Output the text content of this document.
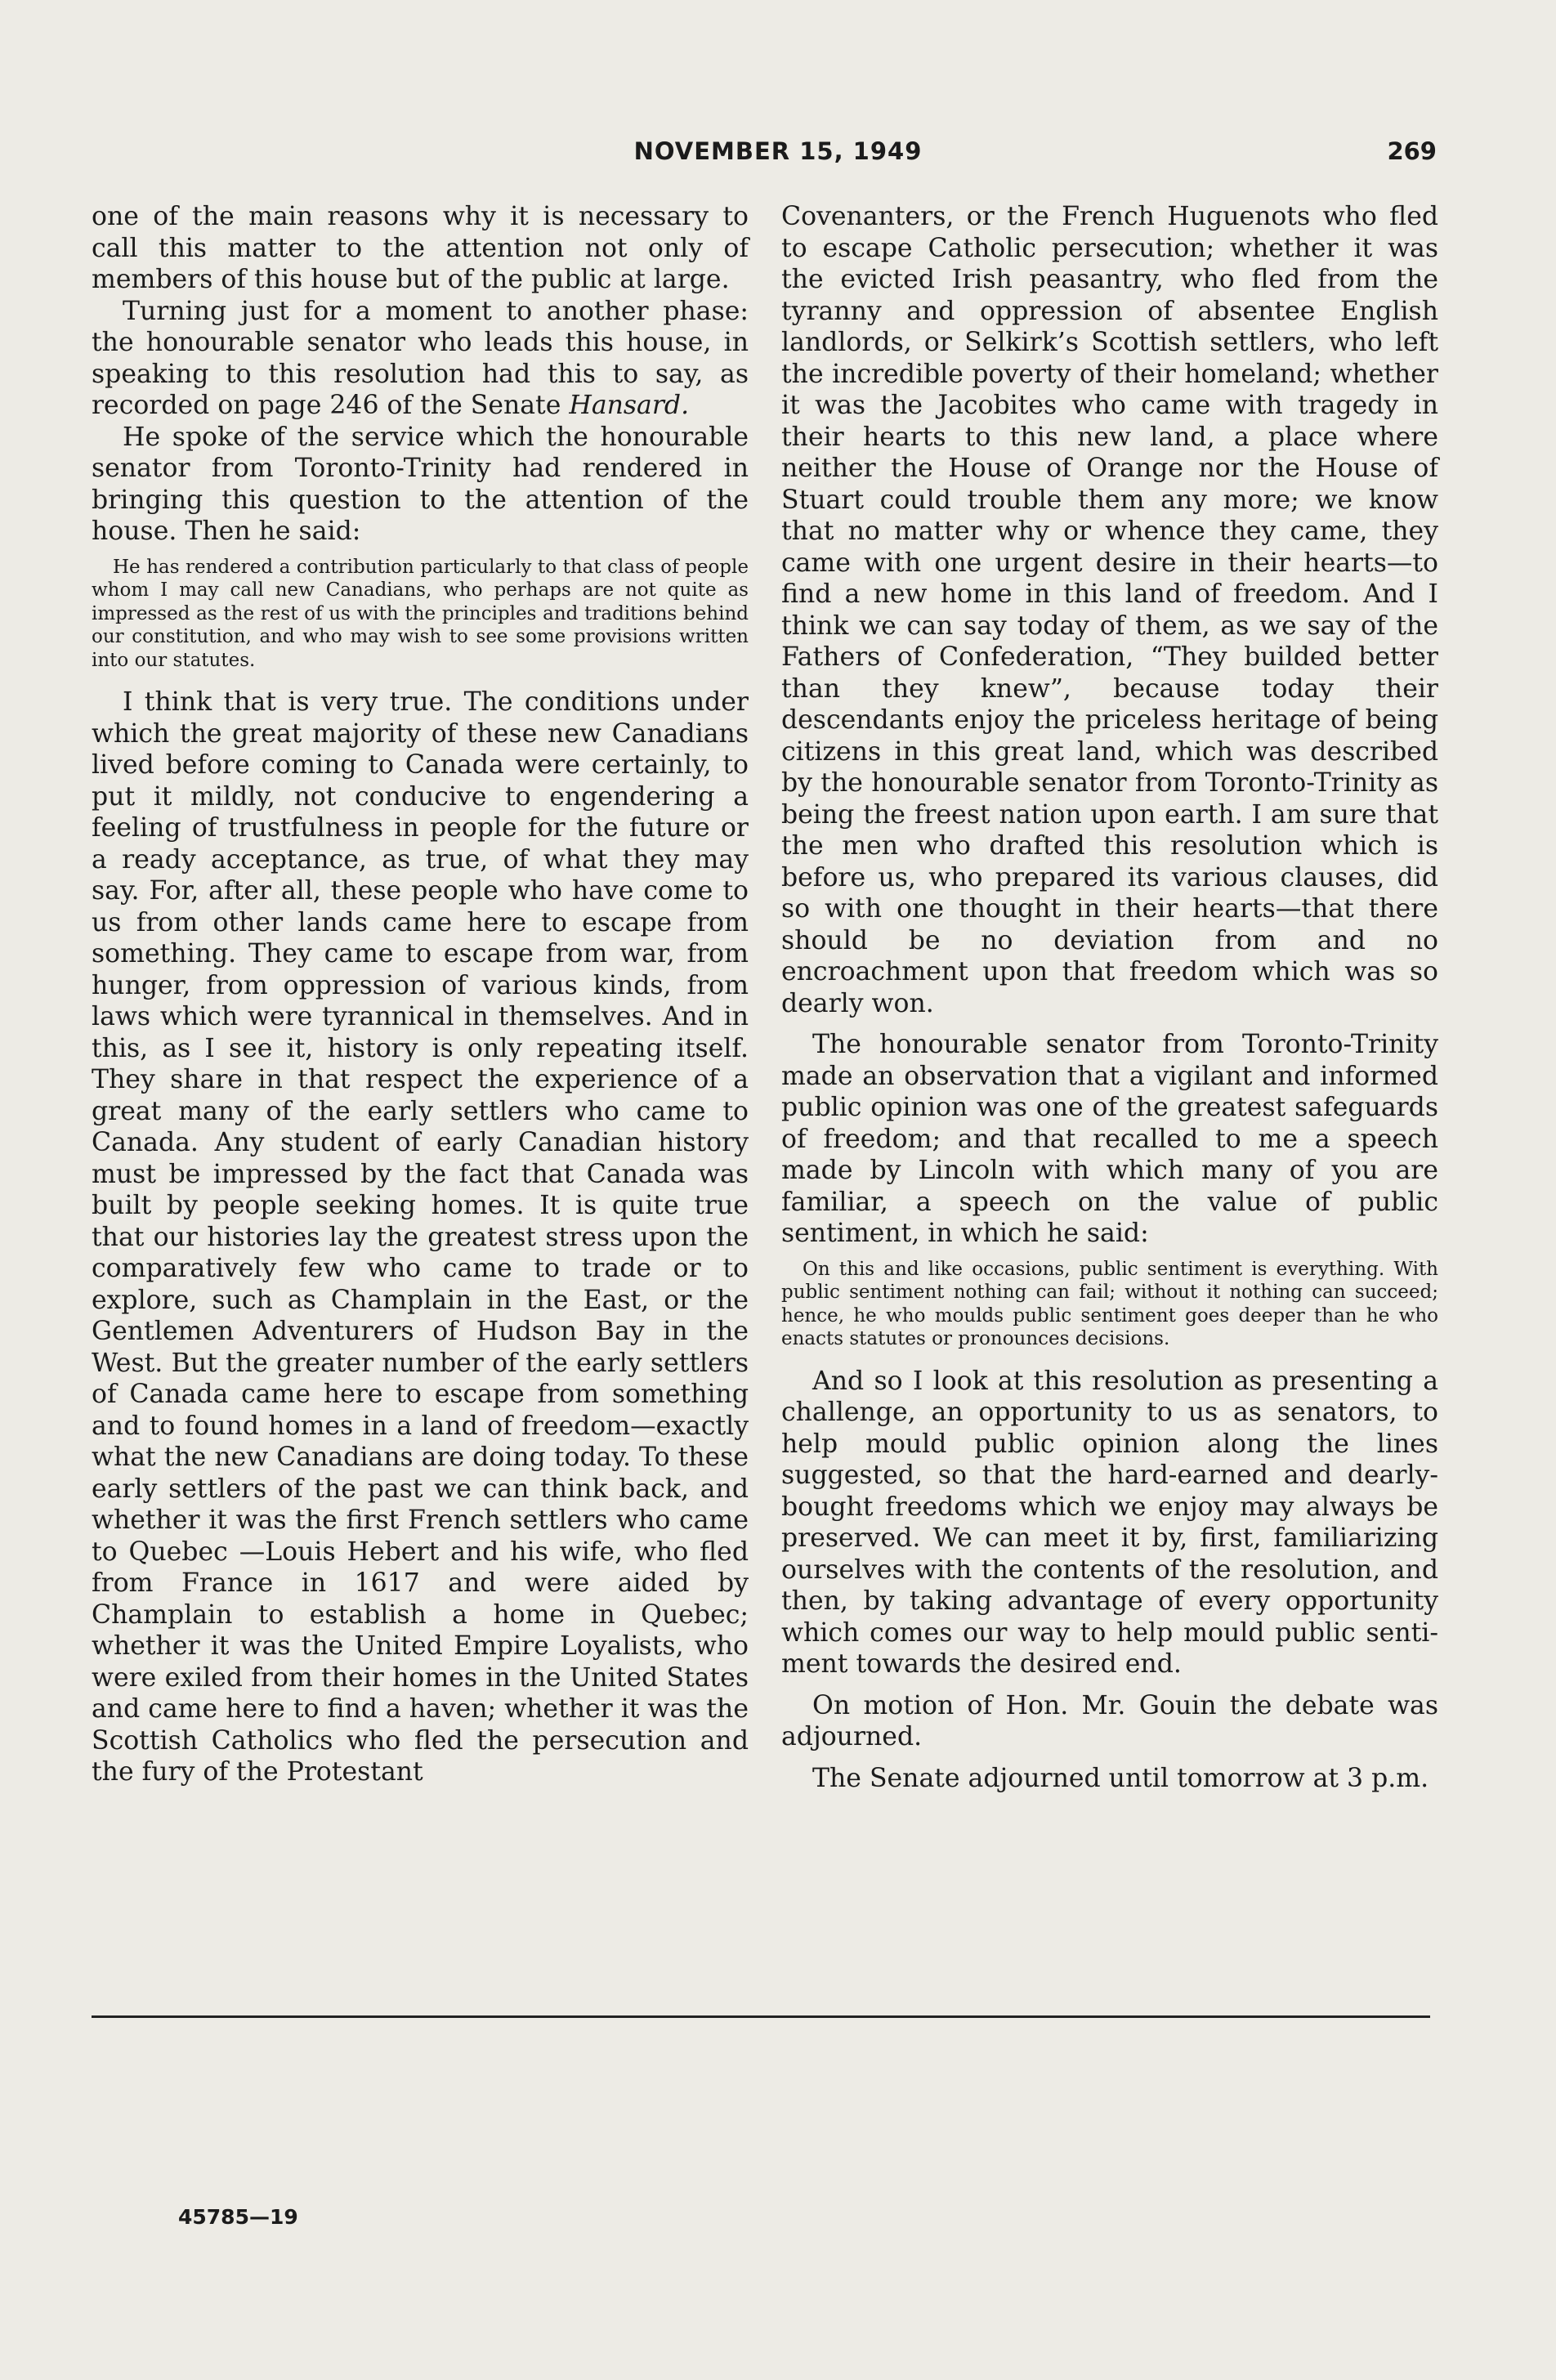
NOVEMBER 15, 1949	269

one of the main reasons why it is necessary to call this matter to the attention not only of members of this house but of the public at large.

Turning just for a moment to another phase: the honourable senator who leads this house, in speaking to this resolution had this to say, as recorded on page 246 of the Senate Hansard.

He spoke of the service which the honourable senator from Toronto-Trinity had rendered in bringing this question to the attention of the house. Then he said:

He has rendered a contribution particularly to that class of people whom I may call new Canadians, who perhaps are not quite as impressed as the rest of us with the principles and traditions behind our constitution, and who may wish to see some provisions written into our statutes.

I think that is very true. The conditions under which the great majority of these new Canadians lived before coming to Canada were certainly, to put it mildly, not conducive to engendering a feeling of trustfulness in people for the future or a ready acceptance, as true, of what they may say. For, after all, these people who have come to us from other lands came here to escape from something. They came to escape from war, from hunger, from oppression of various kinds, from laws which were tyrannical in themselves. And in this, as I see it, history is only repeating itself. They share in that respect the experience of a great many of the early settlers who came to Canada. Any student of early Canadian history must be impressed by the fact that Canada was built by people seeking homes. It is quite true that our histories lay the greatest stress upon the comparatively few who came to trade or to explore, such as Champlain in the East, or the Gentlemen Adventurers of Hudson Bay in the West. But the greater number of the early settlers of Canada came here to escape from something and to found homes in a land of freedom—exactly what the new Canadians are doing today. To these early settlers of the past we can think back, and whether it was the first French settlers who came to Quebec —Louis Hebert and his wife, who fled from France in 1617 and were aided by Champlain to establish a home in Quebec; whether it was the United Empire Loyalists, who were exiled from their homes in the United States and came here to find a haven; whether it was the Scottish Catholics who fled the persecution and the fury of the Protestant

Covenanters, or the French Huguenots who fled to escape Catholic persecution; whether it was the evicted Irish peasantry, who fled from the tyranny and oppression of absentee English landlords, or Selkirk’s Scottish settlers, who left the incredible poverty of their homeland; whether it was the Jacobites who came with tragedy in their hearts to this new land, a place where neither the House of Orange nor the House of Stuart could trouble them any more; we know that no matter why or whence they came, they came with one urgent desire in their hearts—to find a new home in this land of freedom. And I think we can say today of them, as we say of the Fathers of Confederation, “They builded better than they knew”, because today their descendants enjoy the priceless heritage of being citizens in this great land, which was described by the honourable senator from Toronto-Trinity as being the freest nation upon earth. I am sure that the men who drafted this resolution which is before us, who prepared its various clauses, did so with one thought in their hearts—that there should be no deviation from and no encroachment upon that freedom which was so dearly won.

The honourable senator from Toronto-Trinity made an observation that a vigilant and informed public opinion was one of the greatest safeguards of freedom; and that recalled to me a speech made by Lincoln with which many of you are familiar, a speech on the value of public sentiment, in which he said:

On this and like occasions, public sentiment is everything. With public sentiment nothing can fail; without it nothing can succeed; hence, he who moulds public sentiment goes deeper than he who enacts statutes or pronounces decisions.

And so I look at this resolution as presenting a challenge, an opportunity to us as senators, to help mould public opinion along the lines suggested, so that the hard-earned and dearly-bought freedoms which we enjoy may always be preserved. We can meet it by, first, familiarizing ourselves with the contents of the resolution, and then, by taking advantage of every opportunity which comes our way to help mould public sentiment towards the desired end.

On motion of Hon. Mr. Gouin the debate was adjourned.

The Senate adjourned until tomorrow at 3 p.m.

45785—19
